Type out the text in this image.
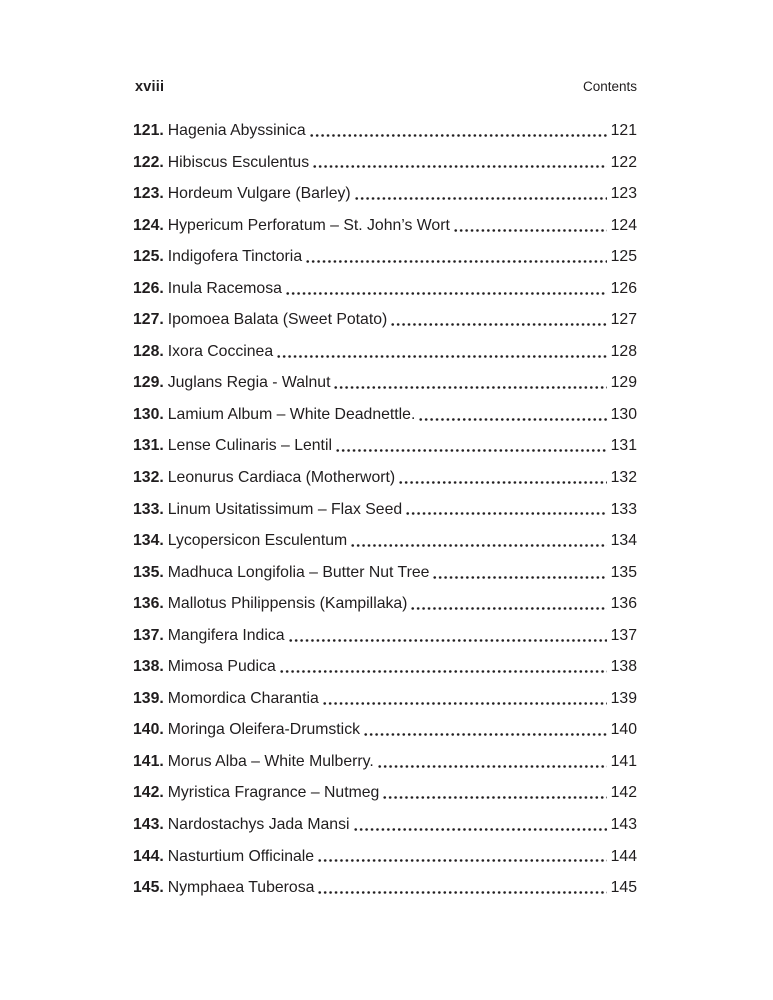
xviii	Contents
121. Hagenia Abyssinica	121
122. Hibiscus Esculentus	122
123. Hordeum Vulgare (Barley)	123
124. Hypericum Perforatum – St. John’s Wort	124
125. Indigofera Tinctoria	125
126. Inula Racemosa	126
127. Ipomoea Balata (Sweet Potato)	127
128. Ixora Coccinea	128
129. Juglans Regia - Walnut	129
130. Lamium Album – White Deadnettle.	130
131. Lense Culinaris – Lentil	131
132. Leonurus Cardiaca (Motherwort)	132
133. Linum Usitatissimum – Flax Seed	133
134. Lycopersicon Esculentum	134
135. Madhuca Longifolia – Butter Nut Tree	135
136. Mallotus Philippensis (Kampillaka)	136
137. Mangifera Indica	137
138. Mimosa Pudica	138
139. Momordica Charantia	139
140. Moringa Oleifera-Drumstick	140
141. Morus Alba – White Mulberry.	141
142. Myristica Fragrance – Nutmeg	142
143. Nardostachys Jada Mansi	143
144. Nasturtium Officinale	144
145. Nymphaea Tuberosa	145
